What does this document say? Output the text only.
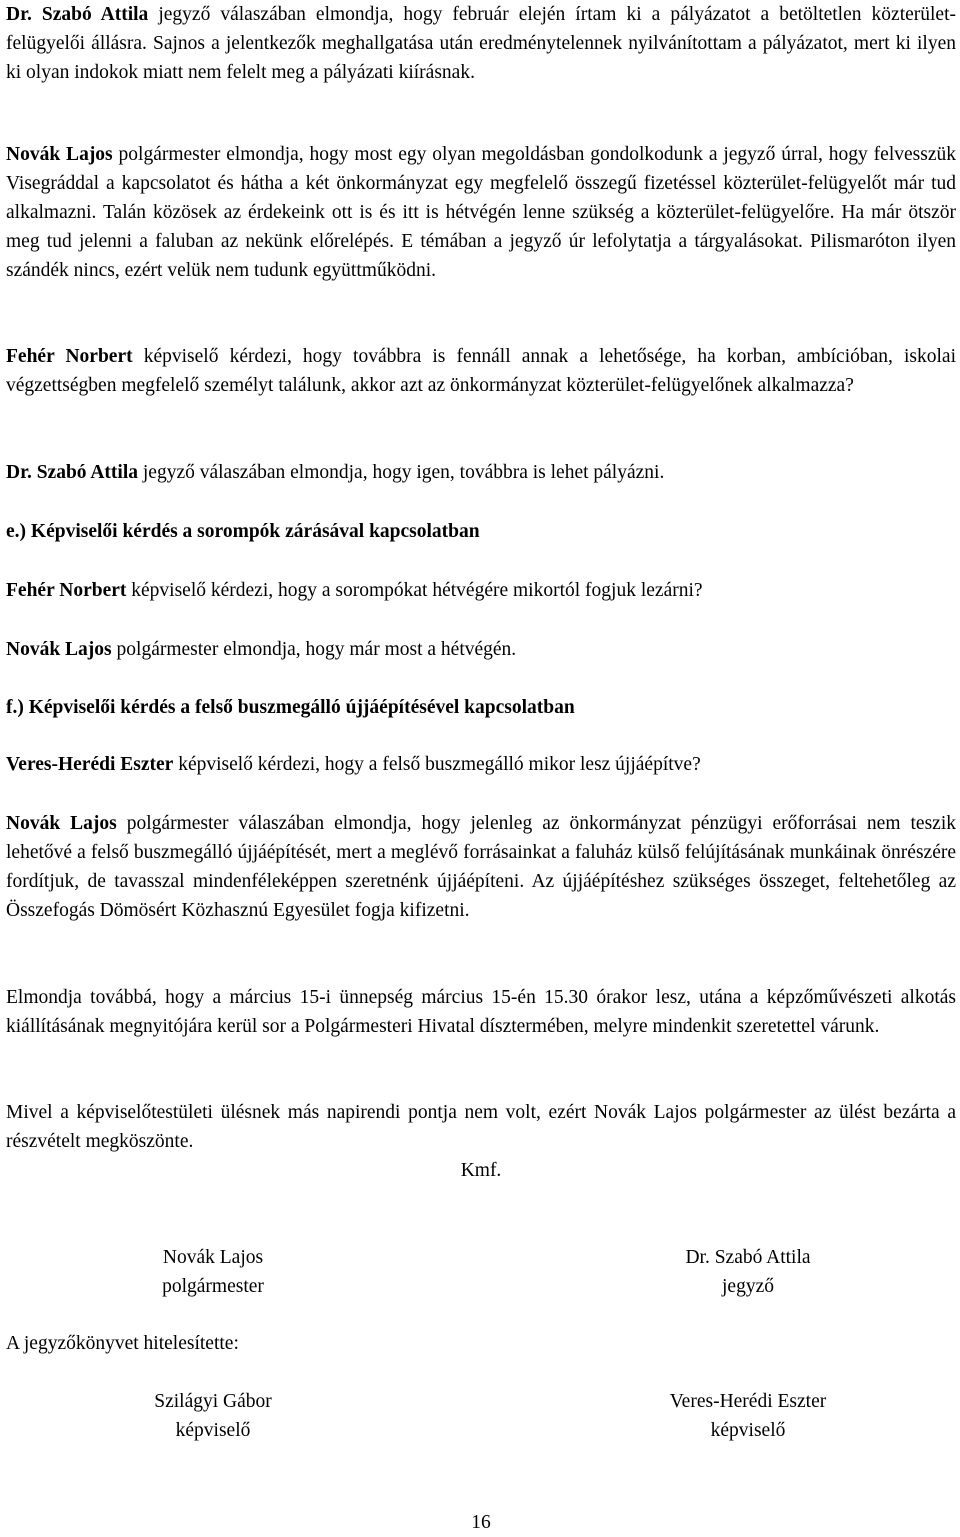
Dr. Szabó Attila jegyző válaszában elmondja, hogy február elején írtam ki a pályázatot a betöltetlen közterület-felügyelői állásra. Sajnos a jelentkezők meghallgatása után eredménytelennek nyilvánítottam a pályázatot, mert ki ilyen ki olyan indokok miatt nem felelt meg a pályázati kiírásnak.

Novák Lajos polgármester elmondja, hogy most egy olyan megoldásban gondolkodunk a jegyző úrral, hogy felvesszük Visegráddal a kapcsolatot és hátha a két önkormányzat egy megfelelő összegű fizetéssel közterület-felügyelőt már tud alkalmazni. Talán közösek az érdekeink ott is és itt is hétvégén lenne szükség a közterület-felügyelőre. Ha már ötször meg tud jelenni a faluban az nekünk előrelépés. E témában a jegyző úr lefolytatja a tárgyalásokat. Pilismaróton ilyen szándék nincs, ezért velük nem tudunk együttműködni.

Fehér Norbert képviselő kérdezi, hogy továbbra is fennáll annak a lehetősége, ha korban, ambícióban, iskolai végzettségben megfelelő személyt találunk, akkor azt az önkormányzat közterület-felügyelőnek alkalmazza?

Dr. Szabó Attila jegyző válaszában elmondja, hogy igen, továbbra is lehet pályázni.

e.) Képviselői kérdés a sorompók zárásával kapcsolatban

Fehér Norbert képviselő kérdezi, hogy a sorompókat hétvégére mikortól fogjuk lezárni?

Novák Lajos polgármester elmondja, hogy már most a hétvégén.

f.) Képviselői kérdés a felső buszmegálló újjáépítésével kapcsolatban

Veres-Herédi Eszter képviselő kérdezi, hogy a felső buszmegálló mikor lesz újjáépítve?

Novák Lajos polgármester válaszában elmondja, hogy jelenleg az önkormányzat pénzügyi erőforrásai nem teszik lehetővé a felső buszmegálló újjáépítését, mert a meglévő forrásainkat a faluház külső felújításának munkáinak önrészére fordítjuk, de tavasszal mindenféleképpen szeretnénk újjáépíteni. Az újjáépítéshez szükséges összeget, feltehetőleg az Összefogás Dömösért Közhasznú Egyesület fogja kifizetni.

Elmondja továbbá, hogy a március 15-i ünnepség március 15-én 15.30 órakor lesz, utána a képzőművészeti alkotás kiállításának megnyitójára kerül sor a Polgármesteri Hivatal dísztermében, melyre mindenkit szeretettel várunk.

Mivel a képviselőtestületi ülésnek más napirendi pontja nem volt, ezért Novák Lajos polgármester az ülést bezárta a részvételt megköszönte.

Kmf.
Novák Lajos
polgármester
Dr. Szabó Attila
jegyző
A jegyzőkönyvet hitelesítette:
Szilágyi Gábor
képviselő
Veres-Herédi Eszter
képviselő
16
